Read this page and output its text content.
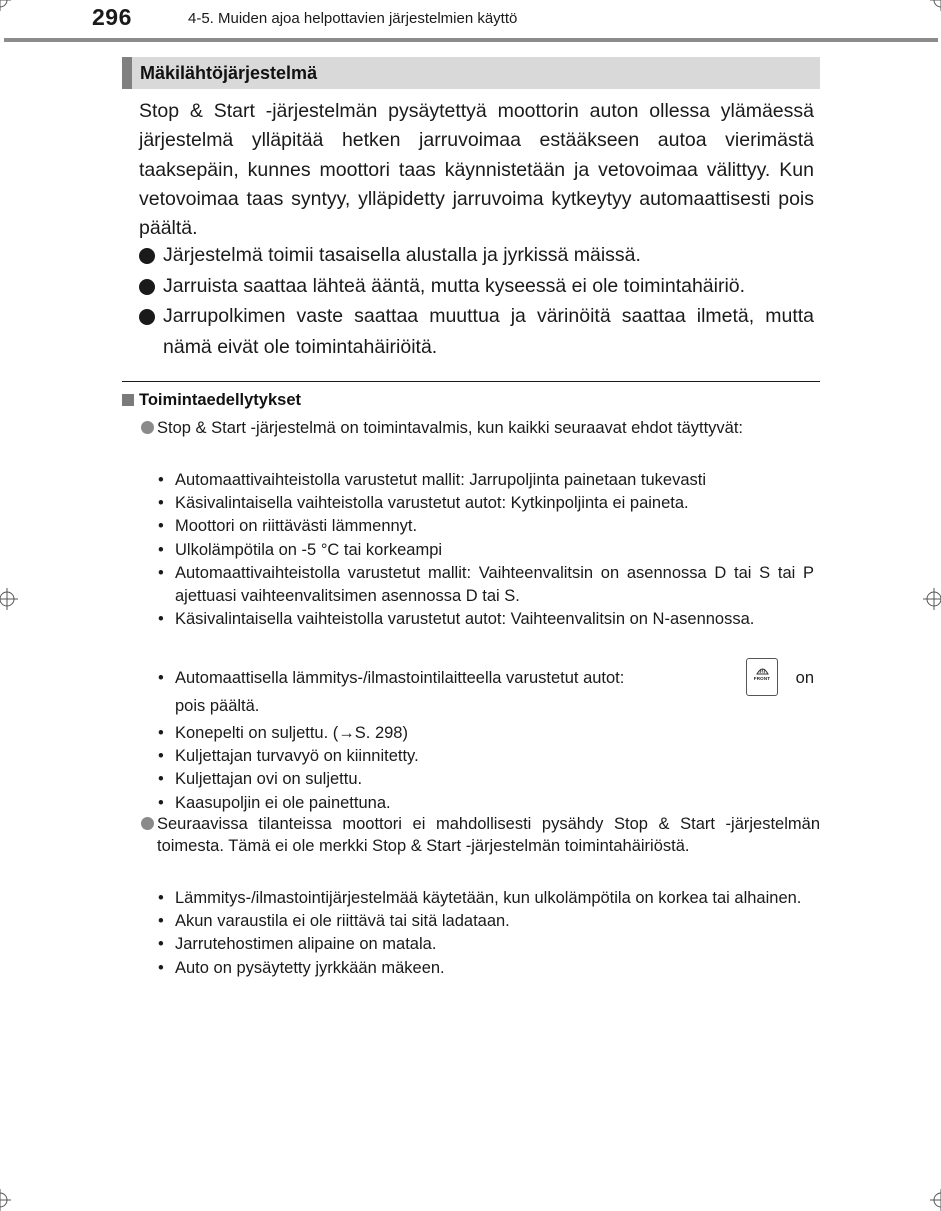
296	4-5. Muiden ajoa helpottavien järjestelmien käyttö
Mäkilähtöjärjestelmä
Stop & Start -järjestelmän pysäytettyä moottorin auton ollessa ylämäessä järjestelmä ylläpitää hetken jarruvoimaa estääkseen autoa vierimästä taaksepäin, kunnes moottori taas käynnistetään ja vetovoimaa välittyy. Kun vetovoimaa taas syntyy, ylläpidetty jarruvoima kytkeytyy automaattisesti pois päältä.
Järjestelmä toimii tasaisella alustalla ja jyrkissä mäissä.
Jarruista saattaa lähteä ääntä, mutta kyseessä ei ole toimintahäiriö.
Jarrupolkimen vaste saattaa muuttua ja värinöitä saattaa ilmetä, mutta nämä eivät ole toimintahäiriöitä.
Toimintaedellytykset
Stop & Start -järjestelmä on toimintavalmis, kun kaikki seuraavat ehdot täyttyvät:
• Automaattivaihteistolla varustetut mallit: Jarrupoljinta painetaan tukevasti
• Käsivalintaisella vaihteistolla varustetut autot: Kytkinpoljinta ei paineta.
• Moottori on riittävästi lämmennyt.
• Ulkolämpötila on -5 °C tai korkeampi
• Automaattivaihteistolla varustetut mallit: Vaihteenvalitsin on asennossa D tai S tai P ajettuasi vaihteenvalitsimen asennossa D tai S.
• Käsivalintaisella vaihteistolla varustetut autot: Vaihteenvalitsin on N-asennossa.
• Automaattisella lämmitys-/ilmastointilaitteella varustetut autot:	FRONT	on
pois päältä.
• Konepelti on suljettu. (→S. 298)
• Kuljettajan turvavyö on kiinnitetty.
• Kuljettajan ovi on suljettu.
• Kaasupoljin ei ole painettuna.
Seuraavissa tilanteissa moottori ei mahdollisesti pysähdy Stop & Start -järjestelmän toimesta. Tämä ei ole merkki Stop & Start -järjestelmän toimintahäiriöstä.
• Lämmitys-/ilmastointijärjestelmää käytetään, kun ulkolämpötila on korkea tai alhainen.
• Akun varaustila ei ole riittävä tai sitä ladataan.
• Jarrutehostimen alipaine on matala.
• Auto on pysäytetty jyrkkään mäkeen.
